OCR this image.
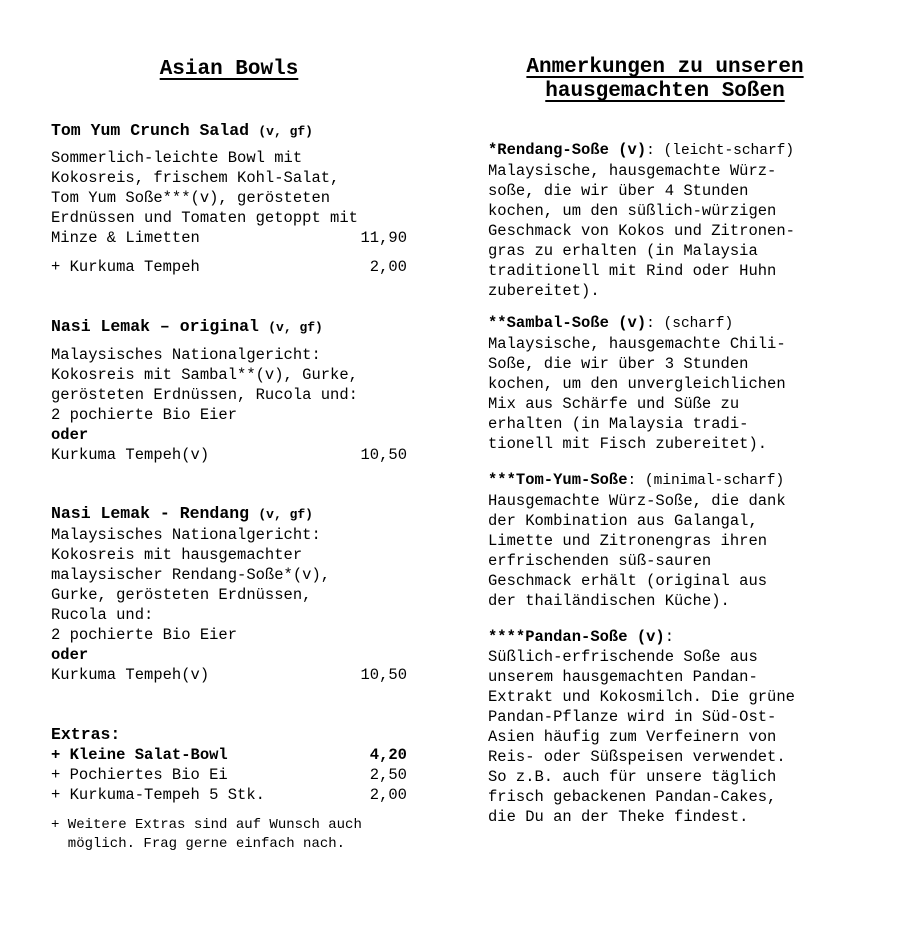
Asian Bowls	Anmerkungen zu unseren
hausgemachten Soßen
Tom Yum Crunch Salad (v, gf)
Sommerlich-leichte Bowl mit
Kokosreis, frischem Kohl-Salat,
Tom Yum Soße***(v), gerösteten
Erdnüssen und Tomaten getoppt mit
Minze & Limetten	11,90
+ Kurkuma Tempeh	2,00
Nasi Lemak – original (v, gf)
Malaysisches Nationalgericht:
Kokosreis mit Sambal**(v), Gurke,
gerösteten Erdnüssen, Rucola und:
2 pochierte Bio Eier
oder
Kurkuma Tempeh(v)	10,50
Nasi Lemak - Rendang (v, gf)
Malaysisches Nationalgericht:
Kokosreis mit hausgemachter
malaysischer Rendang-Soße*(v),
Gurke, gerösteten Erdnüssen,
Rucola und:
2 pochierte Bio Eier
oder
Kurkuma Tempeh(v)	10,50
Extras:
+ Kleine Salat-Bowl	4,20
+ Pochiertes Bio Ei	2,50
+ Kurkuma-Tempeh 5 Stk.	2,00
+ Weitere Extras sind auf Wunsch auch
möglich. Frag gerne einfach nach.
*Rendang-Soße (v): (leicht-scharf)
Malaysische, hausgemachte Würz-
soße, die wir über 4 Stunden
kochen, um den süßlich-würzigen
Geschmack von Kokos und Zitronen-
gras zu erhalten (in Malaysia
traditionell mit Rind oder Huhn
zubereitet).
**Sambal-Soße (v): (scharf)
Malaysische, hausgemachte Chili-
Soße, die wir über 3 Stunden
kochen, um den unvergleichlichen
Mix aus Schärfe und Süße zu
erhalten (in Malaysia tradi-
tionell mit Fisch zubereitet).
***Tom-Yum-Soße: (minimal-scharf)
Hausgemachte Würz-Soße, die dank
der Kombination aus Galangal,
Limette und Zitronengras ihren
erfrischenden süß-sauren
Geschmack erhält (original aus
der thailändischen Küche).
****Pandan-Soße (v):
Süßlich-erfrischende Soße aus
unserem hausgemachten Pandan-
Extrakt und Kokosmilch. Die grüne
Pandan-Pflanze wird in Süd-Ost-
Asien häufig zum Verfeinern von
Reis- oder Süßspeisen verwendet.
So z.B. auch für unsere täglich
frisch gebackenen Pandan-Cakes,
die Du an der Theke findest.
